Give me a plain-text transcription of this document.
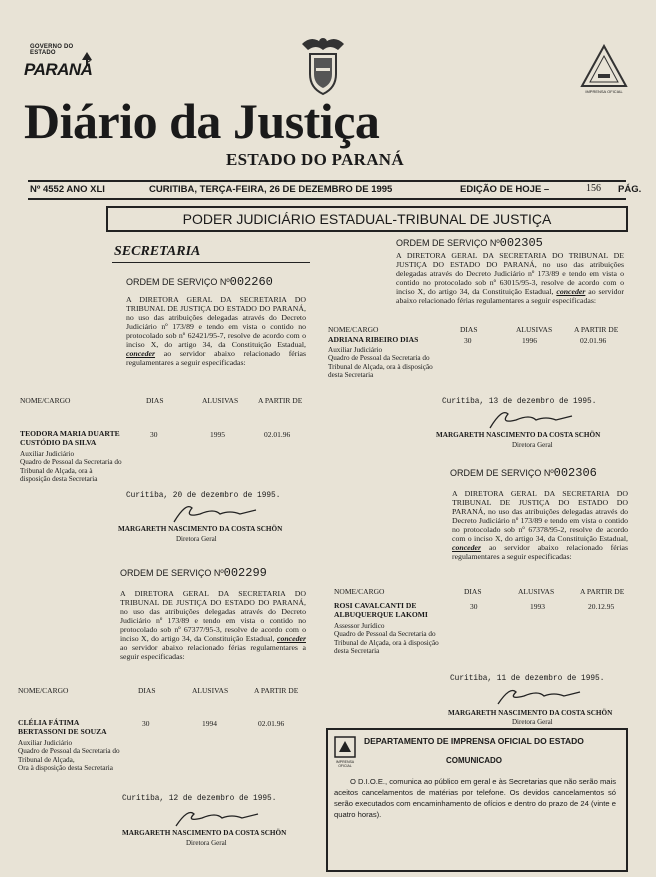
GOVERNO DO ESTADO
PARANÁ
IMPRENSA OFICIAL
Diário da Justiça
ESTADO DO PARANÁ
Nº 4552 ANO XLI	CURITIBA, TERÇA-FEIRA, 26 DE DEZEMBRO DE 1995	EDIÇÃO DE HOJE –	156 PÁG.
PODER JUDICIÁRIO ESTADUAL-TRIBUNAL DE JUSTIÇA
SECRETARIA
ORDEM DE SERVIÇO Nº002260
A DIRETORA GERAL DA SECRETARIA DO TRIBUNAL DE JUSTIÇA DO ESTADO DO PARANÁ, no uso das atribuições delegadas através do Decreto Judiciário nº 173/89 e tendo em vista o contido no protocolado sob nº 62421/95-7, resolve de acordo com o inciso X, do artigo 34, da Constituição Estadual, conceder ao servidor abaixo relacionado férias regulamentares a seguir especificadas:
NOME/CARGO	DIAS	ALUSIVAS	A PARTIR DE
TEODORA MARIA DUARTE CUSTÓDIO DA SILVA
30	1995	02.01.96
Auxiliar Judiciário
Quadro de Pessoal da Secretaria do Tribunal de Alçada, ora à disposição desta Secretaria
Curitiba, 20 de dezembro de 1995.
MARGARETH NASCIMENTO DA COSTA SCHÖN
Diretora Geral
ORDEM DE SERVIÇO Nº002299
A DIRETORA GERAL DA SECRETARIA DO TRIBUNAL DE JUSTIÇA DO ESTADO DO PARANÁ, no uso das atribuições delegadas através do Decreto Judiciário nº 173/89 e tendo em vista o contido no protocolado sob nº 67377/95-3, resolve de acordo com o inciso X, do artigo 34, da Constituição Estadual, conceder ao servidor abaixo relacionado férias regulamentares a seguir especificadas:
NOME/CARGO	DIAS	ALUSIVAS	A PARTIR DE
CLÉLIA FÁTIMA BERTASSONI DE SOUZA
30	1994	02.01.96
Auxiliar Judiciário
Quadro de Pessoal da Secretaria do Tribunal de Alçada,
Ora à disposição desta Secretaria
Curitiba, 12 de dezembro de 1995.
MARGARETH NASCIMENTO DA COSTA SCHÖN
Diretora Geral
ORDEM DE SERVIÇO Nº002305
A DIRETORA GERAL DA SECRETARIA DO TRIBUNAL DE JUSTIÇA DO ESTADO DO PARANÁ, no uso das atribuições delegadas através do Decreto Judiciário nº 173/89 e tendo em vista o contido no protocolado sob nº 63015/95-3, resolve de acordo com o inciso X, do artigo 34, da Constituição Estadual, conceder ao servidor abaixo relacionado férias regulamentares a seguir especificadas:
NOME/CARGO	DIAS	ALUSIVAS	A PARTIR DE
ADRIANA RIBEIRO DIAS	30	1996	02.01.96
Auxiliar Judiciário
Quadro de Pessoal da Secretaria do Tribunal de Alçada, ora à disposição desta Secretaria
Curitiba, 13 de dezembro de 1995.
MARGARETH NASCIMENTO DA COSTA SCHÖN
Diretora Geral
ORDEM DE SERVIÇO Nº002306
A DIRETORA GERAL DA SECRETARIA DO TRIBUNAL DE JUSTIÇA DO ESTADO DO PARANÁ, no uso das atribuições delegadas através do Decreto Judiciário nº 173/89 e tendo em vista o contido no protocolado sob nº 67378/95-2, resolve de acordo com o inciso X, do artigo 34, da Constituição Estadual, conceder ao servidor abaixo relacionado férias regulamentares a seguir especificadas:
NOME/CARGO	DIAS	ALUSIVAS	A PARTIR DE
ROSI CAVALCANTI DE ALBUQUERQUE LAKOMI
30	1993	20.12.95
Assessor Jurídico
Quadro de Pessoal da Secretaria do Tribunal de Alçada, ora à disposição desta Secretaria
Curitiba, 11 de dezembro de 1995.
MARGARETH NASCIMENTO DA COSTA SCHÖN
Diretora Geral
IMPRENSA OFICIAL
DEPARTAMENTO DE IMPRENSA OFICIAL DO ESTADO
COMUNICADO
O D.I.O.E., comunica ao público em geral e às Secretarias que não serão mais aceitos cancelamentos de matérias por telefone. Os devidos cancelamentos só serão executados com encaminhamento de ofícios e dentro do prazo de 24 (vinte e quatro horas).
